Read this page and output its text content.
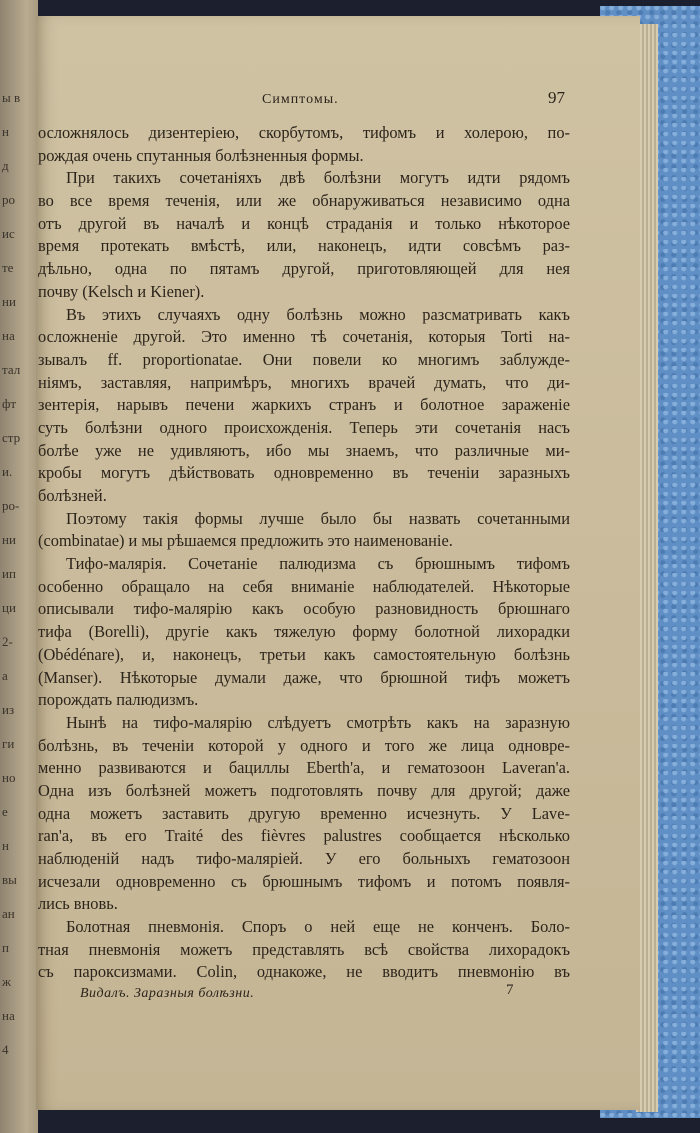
ы в
н
д
ро
ис
те
ни
на
тал
фт
стр
и.
ро-
ни
ип
ци
2-
а
из
ги
но
е
н
вы
ан
п
ж
на
4
Симптомы.	97
осложнялось дизентерiею, скорбутомъ, тифомъ и холерою, по-
рождая очень спутанныя болѣзненныя формы.
При такихъ сочетанiяхъ двѣ болѣзни могутъ идти рядомъ
во все время теченiя, или же обнаруживаться независимо одна
отъ другой въ началѣ и концѣ страданiя и только нѣкоторое
время протекать вмѣстѣ, или, наконецъ, идти совсѣмъ раз-
дѣльно, одна по пятамъ другой, приготовляющей для нея
почву (Kelsch и Kiener).
Въ этихъ случаяхъ одну болѣзнь можно разсматривать какъ
осложненiе другой. Это именно тѣ сочетанiя, которыя Torti на-
зывалъ ff. proportionatae. Они повели ко многимъ заблужде-
нiямъ, заставляя, напримѣръ, многихъ врачей думать, что ди-
зентерiя, нарывъ печени жаркихъ странъ и болотное зараженiе
суть болѣзни одного происхожденiя. Теперь эти сочетанiя насъ
болѣе уже не удивляютъ, ибо мы знаемъ, что различные ми-
кробы могутъ дѣйствовать одновременно въ теченiи заразныхъ
болѣзней.
Поэтому такiя формы лучше было бы назвать сочетанными
(combinatae) и мы рѣшаемся предложить это наименованiе.
Тифо-малярiя. Сочетанiе палюдизма съ брюшнымъ тифомъ
особенно обращало на себя вниманiе наблюдателей. Нѣкоторые
описывали тифо-малярiю какъ особую разновидность брюшнаго
тифа (Borelli), другiе какъ тяжелую форму болотной лихорадки
(Obédénare), и, наконецъ, третьи какъ самостоятельную болѣзнь
(Manser). Нѣкоторые думали даже, что брюшной тифъ можетъ
порождать палюдизмъ.
Нынѣ на тифо-малярiю слѣдуетъ смотрѣть какъ на заразную
болѣзнь, въ теченiи которой у одного и того же лица одновре-
менно развиваются и бациллы Eberth'а, и гематозоон Laveran'а.
Одна изъ болѣзней можетъ подготовлять почву для другой; даже
одна можетъ заставить другую временно исчезнуть. У Lave-
ran'а, въ его Traité des fièvres palustres сообщается нѣсколько
наблюденiй надъ тифо-малярiей. У его больныхъ гематозоон
исчезали одновременно съ брюшнымъ тифомъ и потомъ появля-
лись вновь.
Болотная пневмонiя. Споръ о ней еще не конченъ. Боло-
тная пневмонiя можетъ представлять всѣ свойства лихорадокъ
съ пароксизмами. Colin, однакоже, не вводитъ пневмонiю въ
Видалъ. Заразныя болѣзни.	7
